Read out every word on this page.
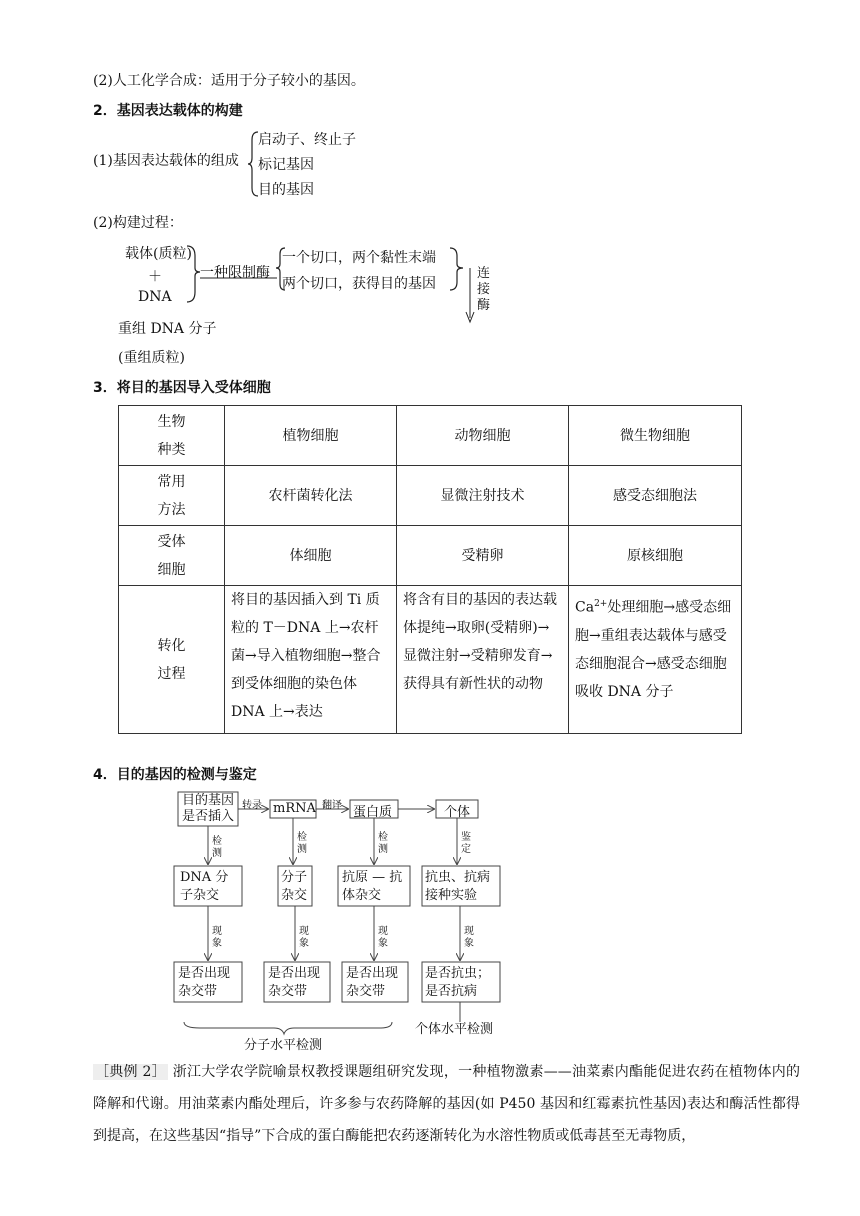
(2)人工化学合成：适用于分子较小的基因。
2．基因表达载体的构建
(1)基因表达载体的组成
启动子、终止子
标记基因
目的基因
(2)构建过程：
载体(质粒)
＋
DNA
一种限制酶
一个切口，两个黏性末端
两个切口，获得目的基因
连
接
酶
重组 DNA 分子
(重组质粒)
3．将目的基因导入受体细胞
生物
种类	植物细胞	动物细胞	微生物细胞

常用
方法	农杆菌转化法	显微注射技术	感受态细胞法

受体
细胞	体细胞	受精卵	原核细胞

转化
过程	将目的基因插入到 Ti 质粒的 T－DNA 上→农杆菌→导入植物细胞→整合到受体细胞的染色体 DNA 上→表达	将含有目的基因的表达载体提纯→取卵(受精卵)→显微注射→受精卵发育→获得具有新性状的动物	$Ca^{2+}$处理细胞→感受态细胞→重组表达载体与感受态细胞混合→感受态细胞吸收 DNA 分子
4．目的基因的检测与鉴定
目的基因
是否插入
mRNA	蛋白质	个体
转录	翻译
检
测
检
测
检
测
鉴
定
DNA 分
子杂交
分子
杂交
抗原 — 抗
体杂交
抗虫、抗病
接种实验
现
象
现
象
现
象
现
象
是否出现
杂交带
是否出现
杂交带
是否出现
杂交带
是否抗虫；
是否抗病
分子水平检测
个体水平检测
［典例 2］ 浙江大学农学院喻景权教授课题组研究发现，一种植物激素——油菜素内酯能促进农药在植物体内的降解和代谢。用油菜素内酯处理后，许多参与农药降解的基因(如 P450 基因和红霉素抗性基因)表达和酶活性都得到提高，在这些基因“指导”下合成的蛋白酶能把农药逐渐转化为水溶性物质或低毒甚至无毒物质，
